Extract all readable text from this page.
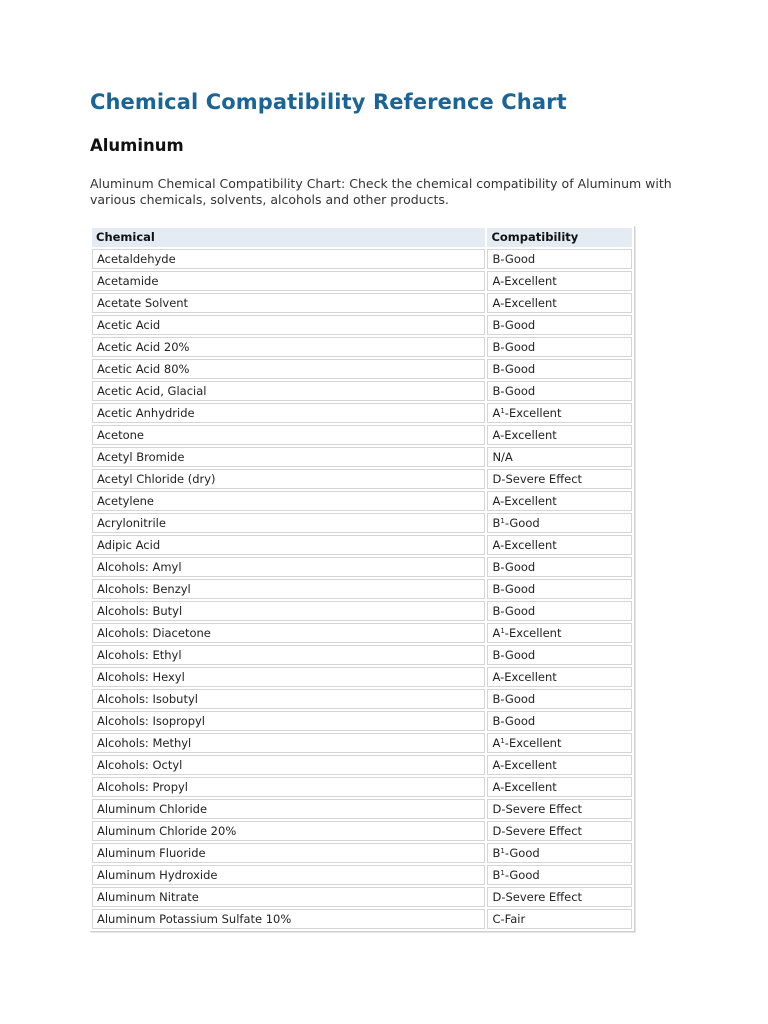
Chemical Compatibility Reference Chart
Aluminum

Aluminum Chemical Compatibility Chart: Check the chemical compatibility of Aluminum with various chemicals, solvents, alcohols and other products.

Chemical	Compatibility
Acetaldehyde	B-Good
Acetamide	A-Excellent
Acetate Solvent	A-Excellent
Acetic Acid	B-Good
Acetic Acid 20%	B-Good
Acetic Acid 80%	B-Good
Acetic Acid, Glacial	B-Good
Acetic Anhydride	$A^1$-Excellent
Acetone	A-Excellent
Acetyl Bromide	N/A
Acetyl Chloride (dry)	D-Severe Effect
Acetylene	A-Excellent
Acrylonitrile	$B^1$-Good
Adipic Acid	A-Excellent
Alcohols: Amyl	B-Good
Alcohols: Benzyl	B-Good
Alcohols: Butyl	B-Good
Alcohols: Diacetone	$A^1$-Excellent
Alcohols: Ethyl	B-Good
Alcohols: Hexyl	A-Excellent
Alcohols: Isobutyl	B-Good
Alcohols: Isopropyl	B-Good
Alcohols: Methyl	$A^1$-Excellent
Alcohols: Octyl	A-Excellent
Alcohols: Propyl	A-Excellent
Aluminum Chloride	D-Severe Effect
Aluminum Chloride 20%	D-Severe Effect
Aluminum Fluoride	$B^1$-Good
Aluminum Hydroxide	$B^1$-Good
Aluminum Nitrate	D-Severe Effect
Aluminum Potassium Sulfate 10%	C-Fair
